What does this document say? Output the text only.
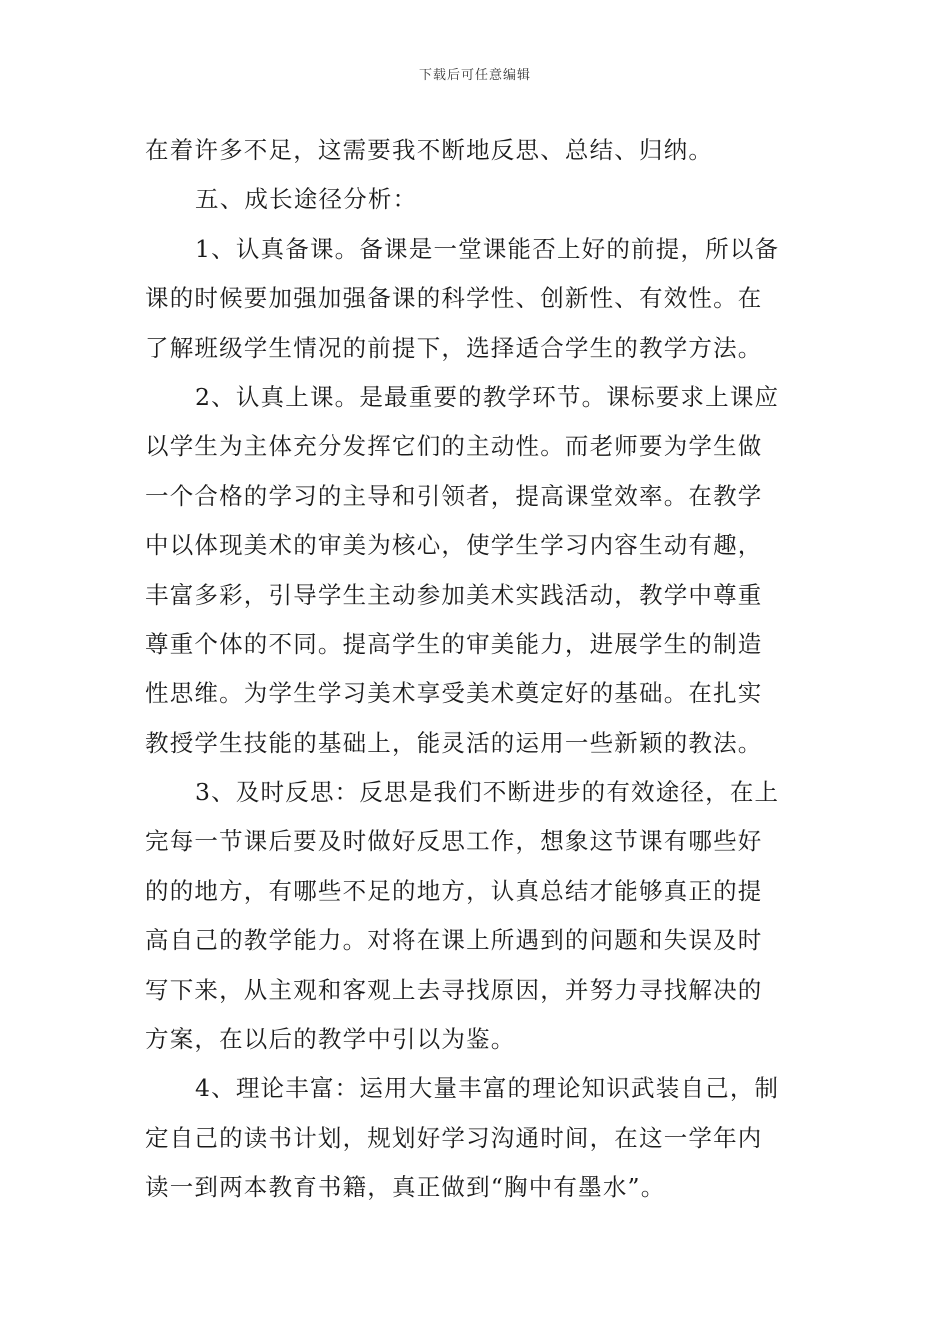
下载后可任意编辑
在着许多不足，这需要我不断地反思、总结、归纳。
五、成长途径分析：
1、认真备课。备课是一堂课能否上好的前提，所以备
课的时候要加强加强备课的科学性、创新性、有效性。在
了解班级学生情况的前提下，选择适合学生的教学方法。
2、认真上课。是最重要的教学环节。课标要求上课应
以学生为主体充分发挥它们的主动性。而老师要为学生做
一个合格的学习的主导和引领者，提高课堂效率。在教学
中以体现美术的审美为核心，使学生学习内容生动有趣，
丰富多彩，引导学生主动参加美术实践活动，教学中尊重
尊重个体的不同。提高学生的审美能力，进展学生的制造
性思维。为学生学习美术享受美术奠定好的基础。在扎实
教授学生技能的基础上，能灵活的运用一些新颖的教法。
3、及时反思：反思是我们不断进步的有效途径，在上
完每一节课后要及时做好反思工作，想象这节课有哪些好
的的地方，有哪些不足的地方，认真总结才能够真正的提
高自己的教学能力。对将在课上所遇到的问题和失误及时
写下来，从主观和客观上去寻找原因，并努力寻找解决的
方案，在以后的教学中引以为鉴。
4、理论丰富：运用大量丰富的理论知识武装自己，制
定自己的读书计划，规划好学习沟通时间，在这一学年内
读一到两本教育书籍，真正做到“胸中有墨水”。
